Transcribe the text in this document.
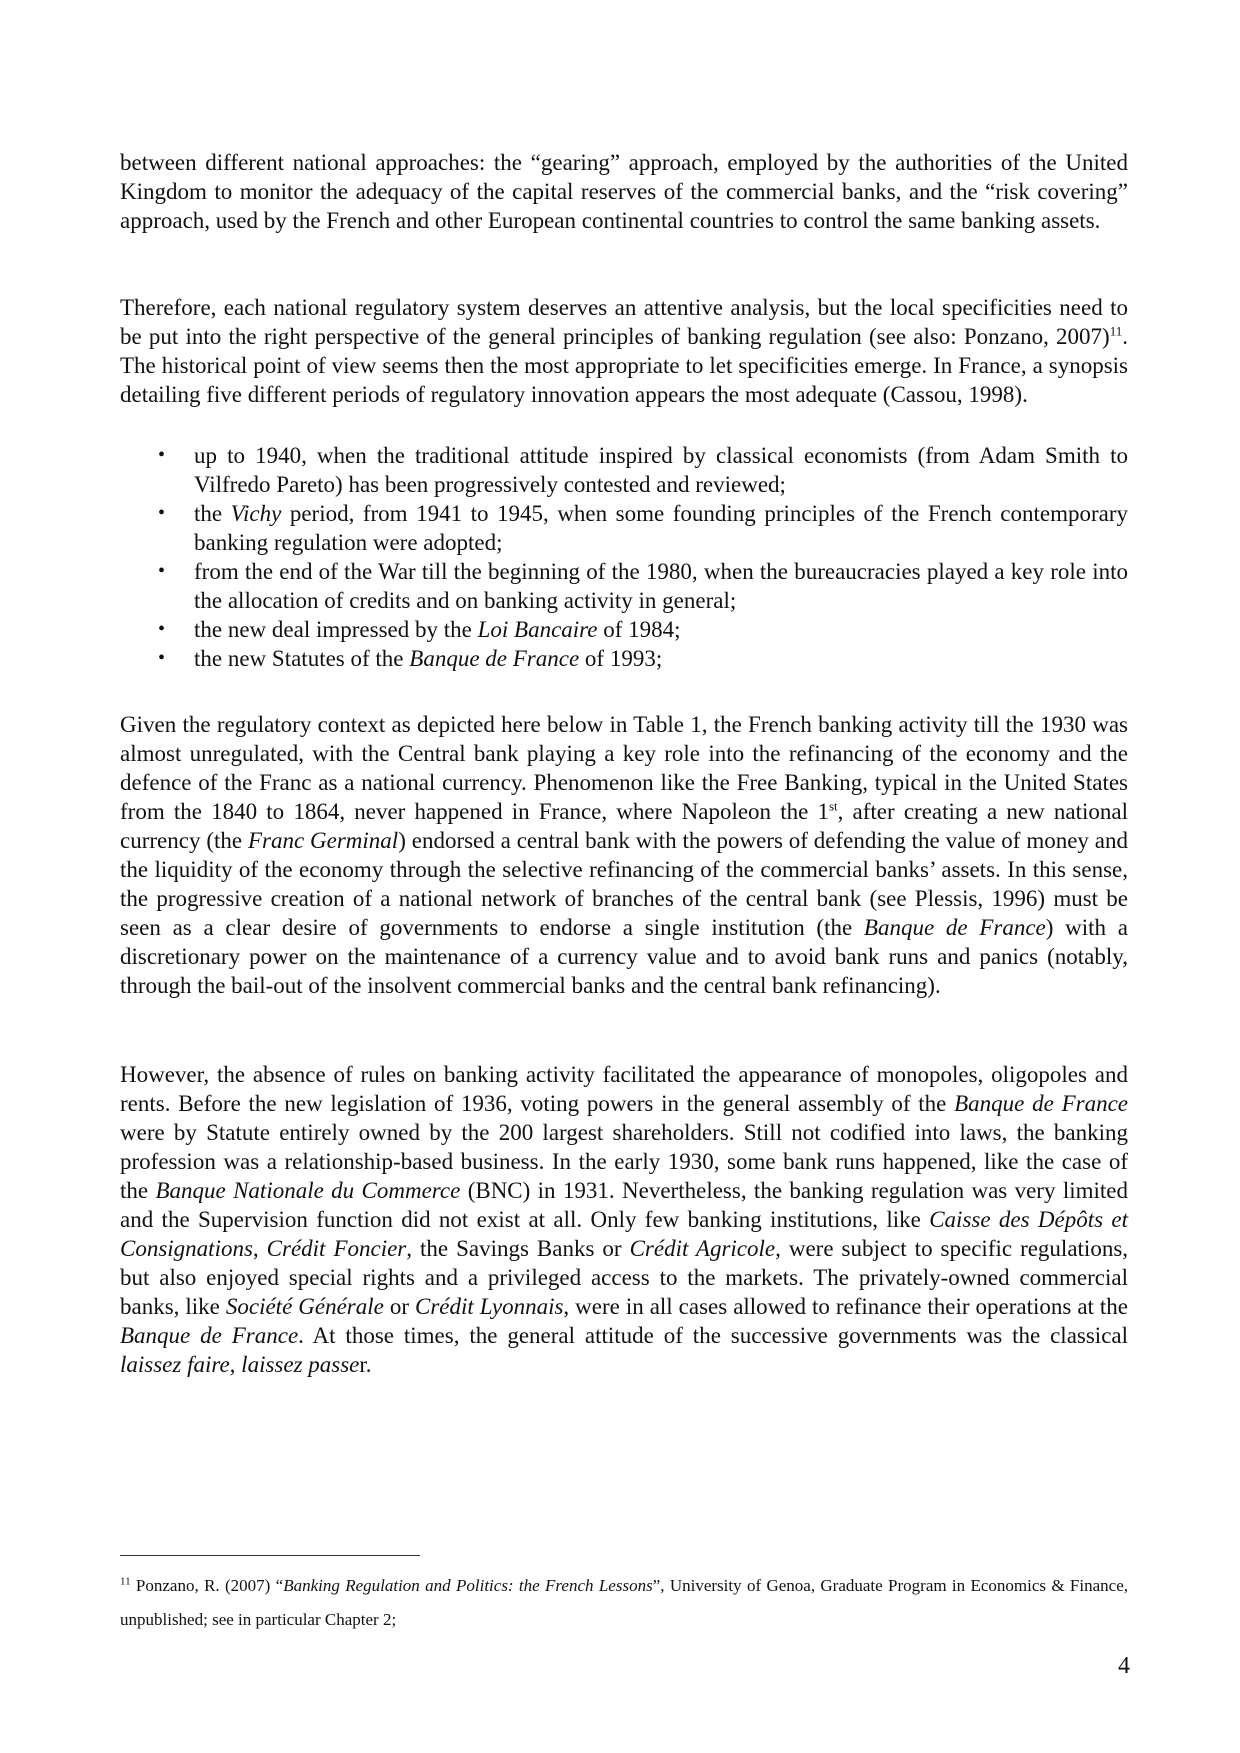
between different national approaches: the “gearing” approach, employed by the authorities of the United Kingdom to monitor the adequacy of the capital reserves of the commercial banks, and the “risk covering” approach, used by the French and other European continental countries to control the same banking assets.

Therefore, each national regulatory system deserves an attentive analysis, but the local specificities need to be put into the right perspective of the general principles of banking regulation (see also: Ponzano, 2007)$^{11}$. The historical point of view seems then the most appropriate to let specificities emerge. In France, a synopsis detailing five different periods of regulatory innovation appears the most adequate (Cassou, 1998).

• up to 1940, when the traditional attitude inspired by classical economists (from Adam Smith to Vilfredo Pareto) has been progressively contested and reviewed;
• the Vichy period, from 1941 to 1945, when some founding principles of the French contemporary banking regulation were adopted;
• from the end of the War till the beginning of the 1980, when the bureaucracies played a key role into the allocation of credits and on banking activity in general;
• the new deal impressed by the Loi Bancaire of 1984;
• the new Statutes of the Banque de France of 1993;

Given the regulatory context as depicted here below in Table 1, the French banking activity till the 1930 was almost unregulated, with the Central bank playing a key role into the refinancing of the economy and the defence of the Franc as a national currency. Phenomenon like the Free Banking, typical in the United States from the 1840 to 1864, never happened in France, where Napoleon the 1st, after creating a new national currency (the Franc Germinal) endorsed a central bank with the powers of defending the value of money and the liquidity of the economy through the selective refinancing of the commercial banks’ assets. In this sense, the progressive creation of a national network of branches of the central bank (see Plessis, 1996) must be seen as a clear desire of governments to endorse a single institution (the Banque de France) with a discretionary power on the maintenance of a currency value and to avoid bank runs and panics (notably, through the bail-out of the insolvent commercial banks and the central bank refinancing).

However, the absence of rules on banking activity facilitated the appearance of monopoles, oligopoles and rents. Before the new legislation of 1936, voting powers in the general assembly of the Banque de France were by Statute entirely owned by the 200 largest shareholders. Still not codified into laws, the banking profession was a relationship-based business. In the early 1930, some bank runs happened, like the case of the Banque Nationale du Commerce (BNC) in 1931. Nevertheless, the banking regulation was very limited and the Supervision function did not exist at all. Only few banking institutions, like Caisse des Dépôts et Consignations, Crédit Foncier, the Savings Banks or Crédit Agricole, were subject to specific regulations, but also enjoyed special rights and a privileged access to the markets. The privately-owned commercial banks, like Société Générale or Crédit Lyonnais, were in all cases allowed to refinance their operations at the Banque de France. At those times, the general attitude of the successive governments was the classical laissez faire, laissez passer.

$^{11}$ Ponzano, R. (2007) “Banking Regulation and Politics: the French Lessons”, University of Genoa, Graduate Program in Economics & Finance, unpublished; see in particular Chapter 2;
4
